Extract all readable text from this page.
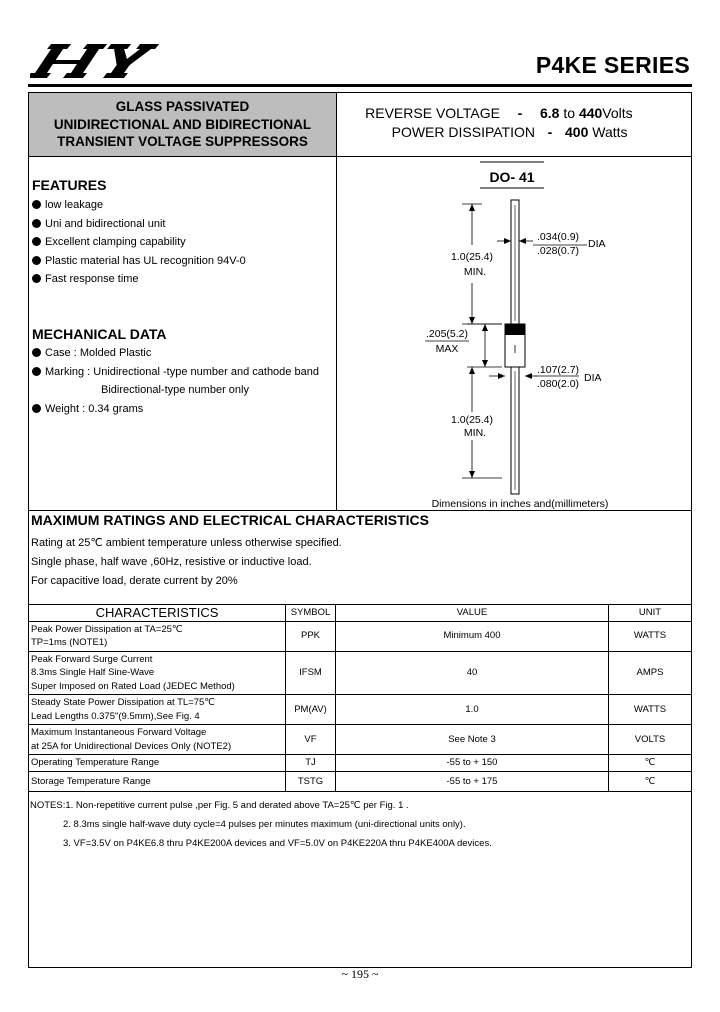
HY	P4KE SERIES
GLASS PASSIVATED
UNIDIRECTIONAL AND BIDIRECTIONAL
TRANSIENT VOLTAGE SUPPRESSORS
REVERSE VOLTAGE	-	6.8 to 440Volts
POWER DISSIPATION - 400 Watts
FEATURES
low leakage
Uni and bidirectional unit
Excellent clamping capability
Plastic material has UL recognition 94V-0
Fast response time
MECHANICAL DATA
Case : Molded Plastic
Marking : Unidirectional -type number and cathode band
Bidirectional-type number only
Weight : 0.34 grams
DO- 41
1.0(25.4)
MIN.
.034(0.9)
.028(0.7)
DIA
.205(5.2)
MAX
.107(2.7)
.080(2.0) DIA
1.0(25.4)
MIN.
Dimensions in inches and(millimeters)
MAXIMUM RATINGS AND ELECTRICAL CHARACTERISTICS
Rating at 25℃ ambient temperature unless otherwise specified.
Single phase, half wave ,60Hz, resistive or inductive load.
For capacitive load, derate current by 20%
CHARACTERISTICS	SYMBOL	VALUE	UNIT

Peak Power Dissipation at TA=25℃
TP=1ms (NOTE1)	PPK	Minimum 400	WATTS

Peak Forward Surge Current
8.3ms Single Half Sine-Wave
Super Imposed on Rated Load (JEDEC Method)	IFSM	40	AMPS

Steady State Power Dissipation at TL=75℃
Lead Lengths 0.375"(9.5mm),See Fig. 4	PM(AV)	1.0	WATTS

Maximum Instantaneous Forward Voltage
at 25A for Unidirectional Devices Only (NOTE2)	VF	See Note 3	VOLTS

Operating Temperature Range	TJ	-55 to + 150	℃

Storage Temperature Range	TSTG	-55 to + 175	℃
NOTES:1. Non-repetitive current pulse ,per Fig. 5 and derated above TA=25℃ per Fig. 1 .
2. 8.3ms single half-wave duty cycle=4 pulses per minutes maximum (uni-directional units only).
3. VF=3.5V on P4KE6.8 thru P4KE200A devices and VF=5.0V on P4KE220A thru P4KE400A devices.
~ 195 ~
